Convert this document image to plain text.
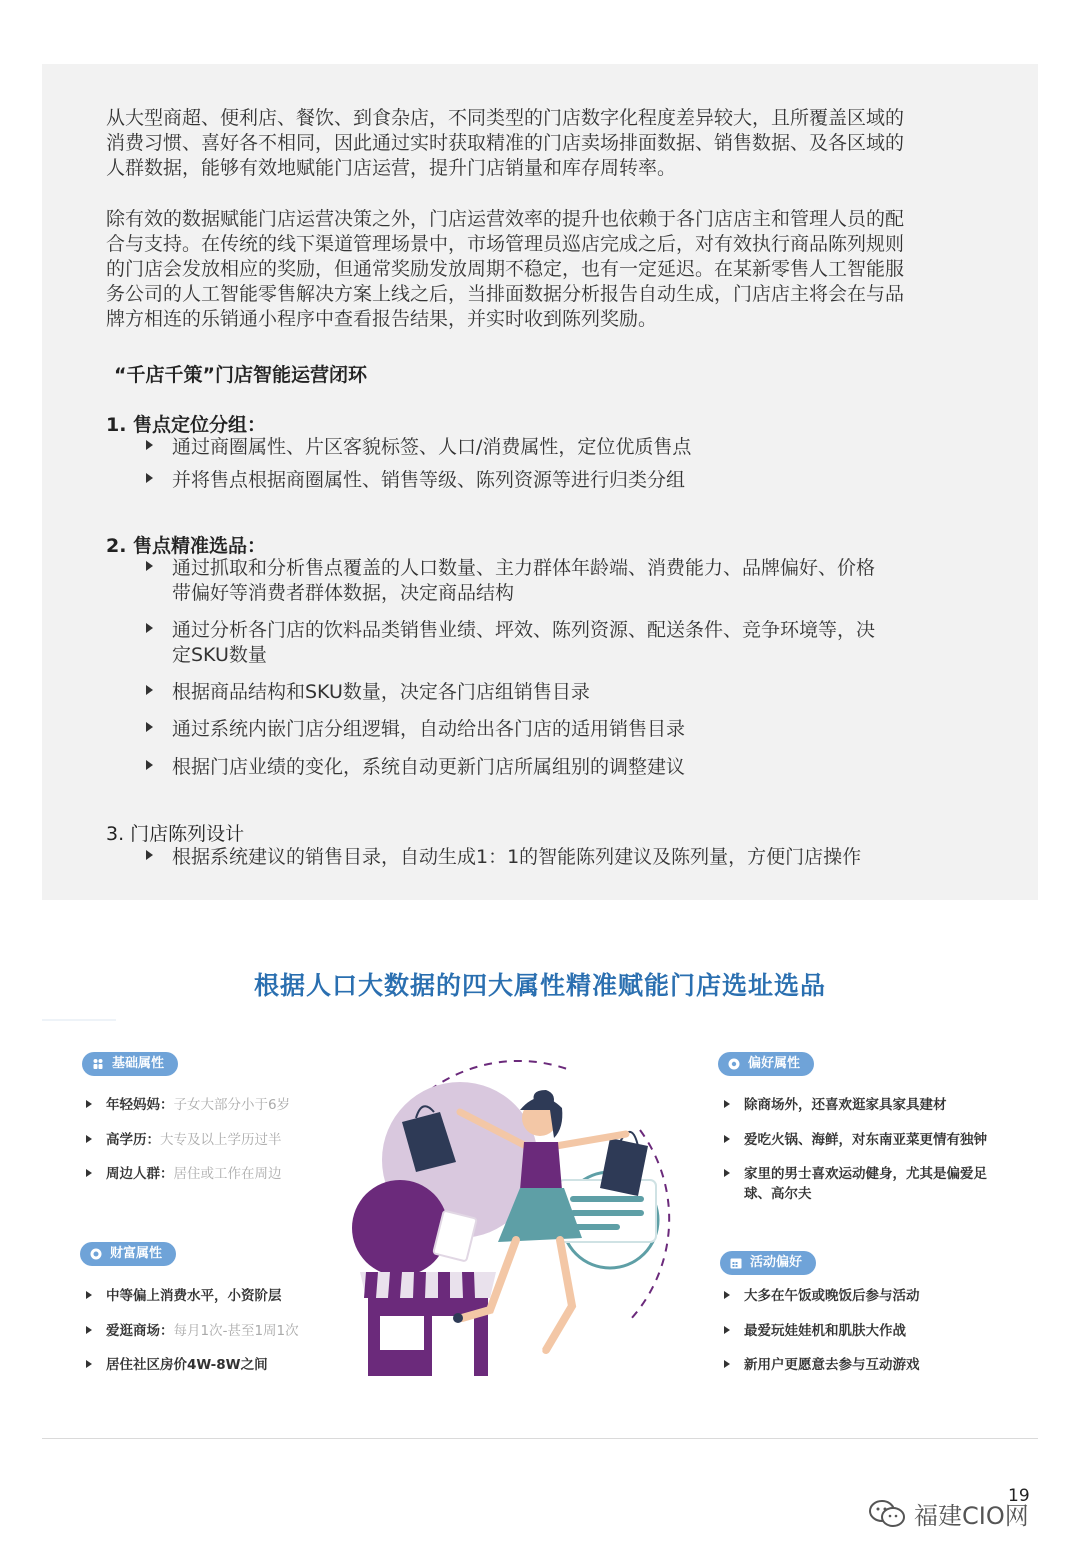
从大型商超、便利店、餐饮、到食杂店，不同类型的门店数字化程度差异较大，且所覆盖区域的
消费习惯、喜好各不相同，因此通过实时获取精准的门店卖场排面数据、销售数据、及各区域的
人群数据，能够有效地赋能门店运营，提升门店销量和库存周转率。
除有效的数据赋能门店运营决策之外，门店运营效率的提升也依赖于各门店店主和管理人员的配
合与支持。在传统的线下渠道管理场景中，市场管理员巡店完成之后，对有效执行商品陈列规则
的门店会发放相应的奖励，但通常奖励发放周期不稳定，也有一定延迟。在某新零售人工智能服
务公司的人工智能零售解决方案上线之后，当排面数据分析报告自动生成，门店店主将会在与品
牌方相连的乐销通小程序中查看报告结果，并实时收到陈列奖励。
“千店千策”门店智能运营闭环
1. 售点定位分组：
通过商圈属性、片区客貌标签、人口/消费属性，定位优质售点
并将售点根据商圈属性、销售等级、陈列资源等进行归类分组
2. 售点精准选品：
通过抓取和分析售点覆盖的人口数量、主力群体年龄端、消费能力、品牌偏好、价格
带偏好等消费者群体数据，决定商品结构
通过分析各门店的饮料品类销售业绩、坪效、陈列资源、配送条件、竞争环境等，决
定SKU数量
根据商品结构和SKU数量，决定各门店组销售目录
通过系统内嵌门店分组逻辑，自动给出各门店的适用销售目录
根据门店业绩的变化，系统自动更新门店所属组别的调整建议
3. 门店陈列设计
根据系统建议的销售目录，自动生成1：1的智能陈列建议及陈列量，方便门店操作
根据人口大数据的四大属性精准赋能门店选址选品
基础属性
年轻妈妈：子女大部分小于6岁
高学历：大专及以上学历过半
周边人群：居住或工作在周边
财富属性
中等偏上消费水平，小资阶层
爱逛商场：每月1次-甚至1周1次
居住社区房价4W-8W之间
偏好属性
除商场外，还喜欢逛家具家具建材
爱吃火锅、海鲜，对东南亚菜更情有独钟
家里的男士喜欢运动健身，尤其是偏爱足
球、高尔夫
活动偏好
大多在午饭或晚饭后参与活动
最爱玩娃娃机和肌肤大作战
新用户更愿意去参与互动游戏
19
福建CIO网
